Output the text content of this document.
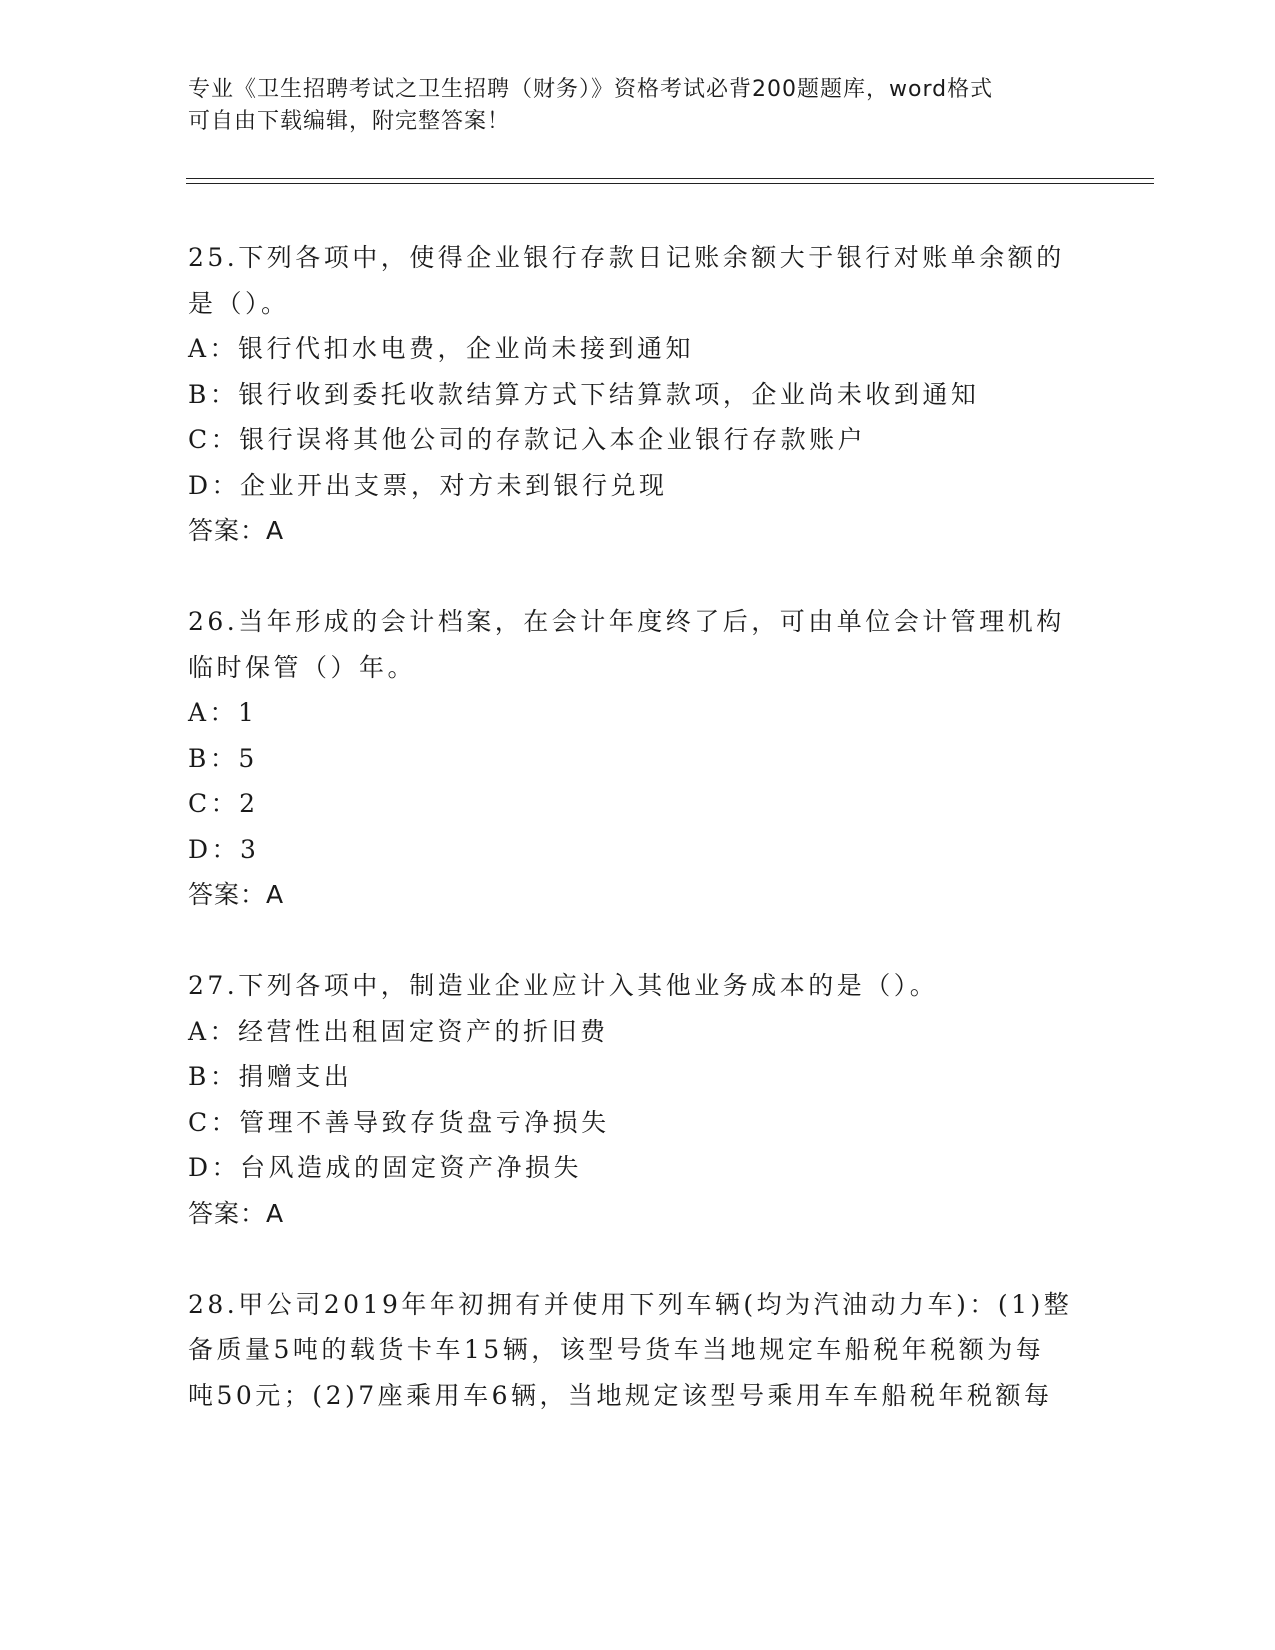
专业《卫生招聘考试之卫生招聘（财务）》资格考试必背200题题库，word格式
可自由下载编辑，附完整答案！
25.下列各项中，使得企业银行存款日记账余额大于银行对账单余额的
是（）。
A：银行代扣水电费，企业尚未接到通知
B：银行收到委托收款结算方式下结算款项，企业尚未收到通知
C：银行误将其他公司的存款记入本企业银行存款账户
D：企业开出支票，对方未到银行兑现
答案：A
26.当年形成的会计档案，在会计年度终了后，可由单位会计管理机构
临时保管（）年。
A：1
B：5
C：2
D：3
答案：A
27.下列各项中，制造业企业应计入其他业务成本的是（）。
A：经营性出租固定资产的折旧费
B：捐赠支出
C：管理不善导致存货盘亏净损失
D：台风造成的固定资产净损失
答案：A
28.甲公司2019年年初拥有并使用下列车辆(均为汽油动力车)：(1)整
备质量5吨的载货卡车15辆，该型号货车当地规定车船税年税额为每
吨50元；(2)7座乘用车6辆，当地规定该型号乘用车车船税年税额每
